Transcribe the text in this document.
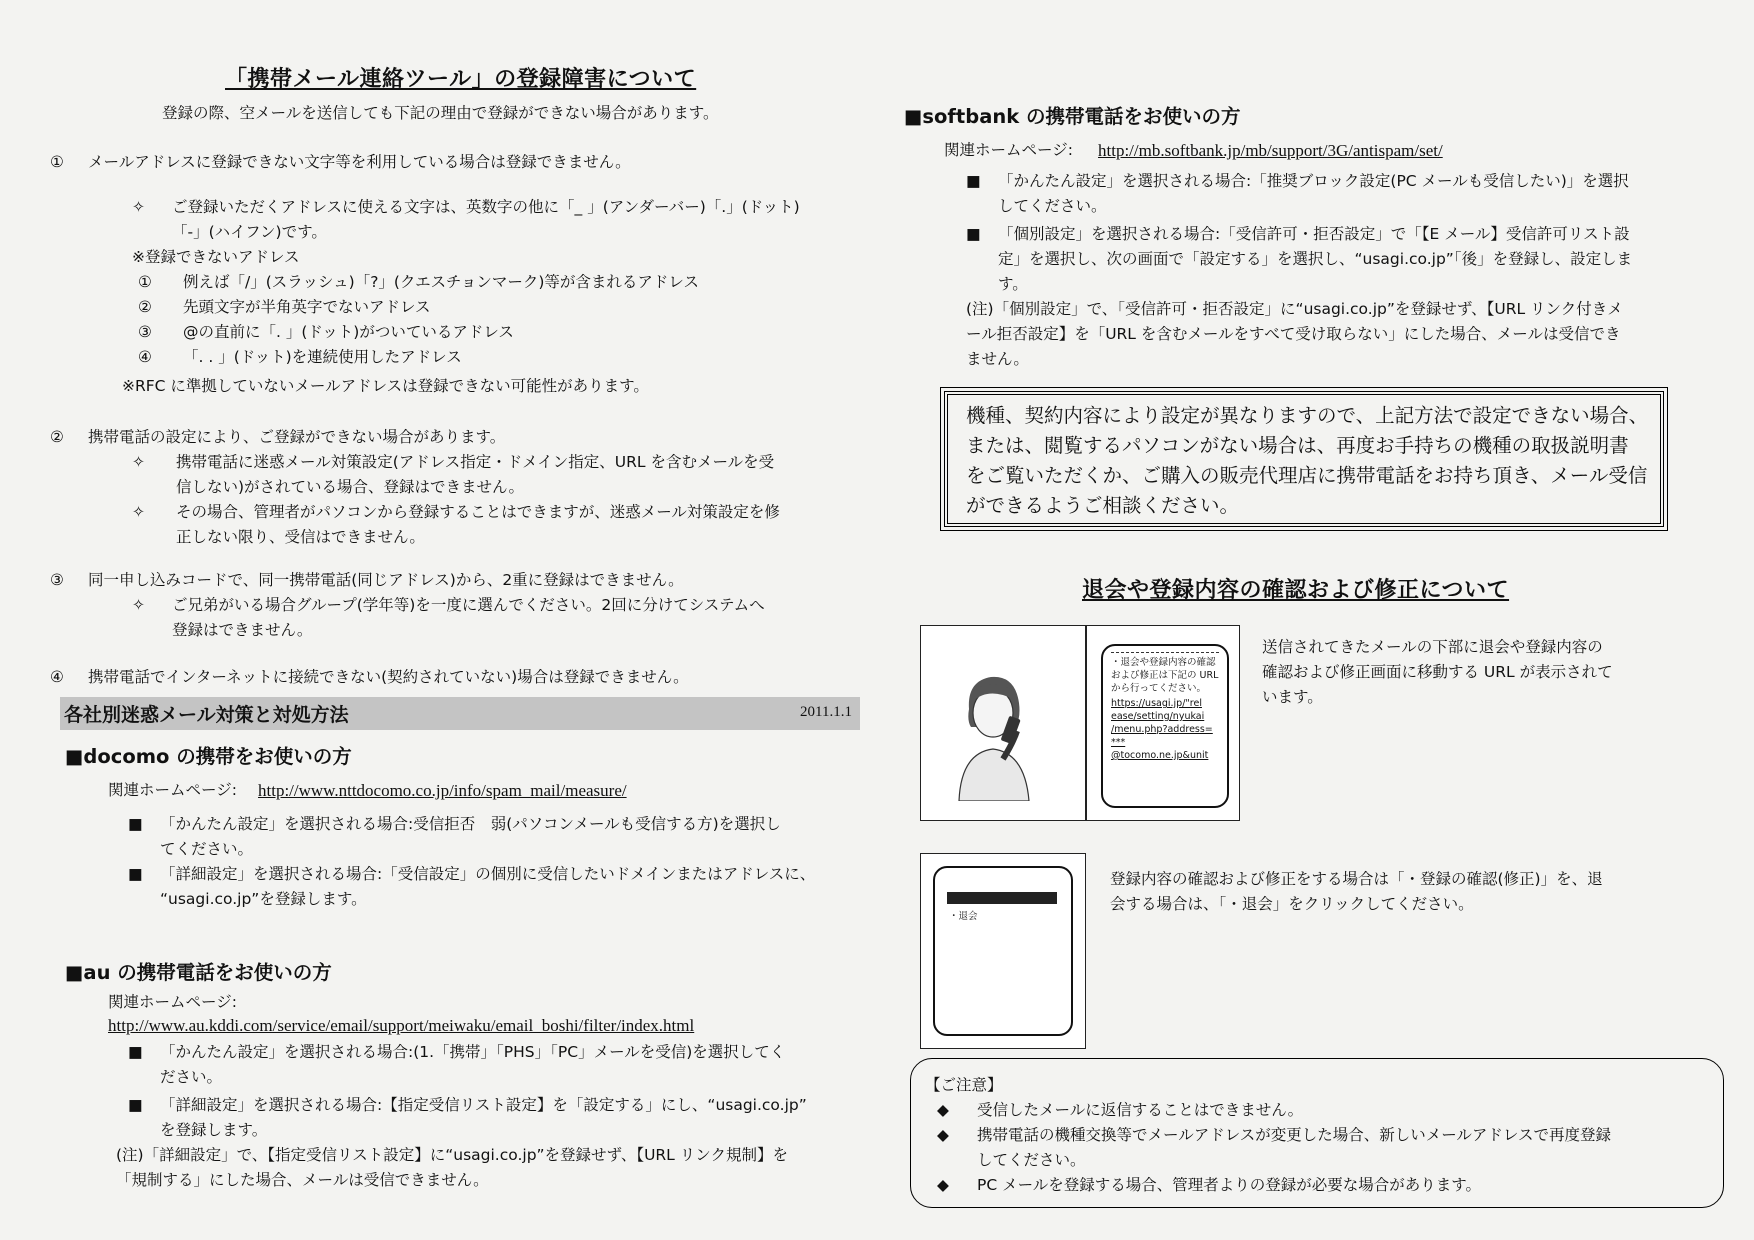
「携帯メール連絡ツール」の登録障害について
登録の際、空メールを送信しても下記の理由で登録ができない場合があります。
① メールアドレスに登録できない文字等を利用している場合は登録できません。
✧ ご登録いただくアドレスに使える文字は、英数字の他に「_ 」(アンダーバー)「.」(ドット)
「-」(ハイフン)です。
※登録できないアドレス
① 例えば「/」(スラッシュ)「?」(クエスチョンマーク)等が含まれるアドレス
② 先頭文字が半角英字でないアドレス
③ @の直前に「. 」(ドット)がついているアドレス
④ 「. . 」(ドット)を連続使用したアドレス
※RFC に準拠していないメールアドレスは登録できない可能性があります。
② 携帯電話の設定により、ご登録ができない場合があります。
✧ 携帯電話に迷惑メール対策設定(アドレス指定・ドメイン指定、URL を含むメールを受
信しない)がされている場合、登録はできません。
✧ その場合、管理者がパソコンから登録することはできますが、迷惑メール対策設定を修
正しない限り、受信はできません。
③ 同一申し込みコードで、同一携帯電話(同じアドレス)から、2重に登録はできません。
✧ ご兄弟がいる場合グループ(学年等)を一度に選んでください。2回に分けてシステムへ
登録はできません。
④ 携帯電話でインターネットに接続できない(契約されていない)場合は登録できません。
各社別迷惑メール対策と対処方法	2011.1.1
■docomo の携帯をお使いの方
関連ホームページ: http://www.nttdocomo.co.jp/info/spam_mail/measure/
■ 「かんたん設定」を選択される場合:受信拒否　弱(パソコンメールも受信する方)を選択し
てください。
■ 「詳細設定」を選択される場合:「受信設定」の個別に受信したいドメインまたはアドレスに、
“usagi.co.jp”を登録します。
■au の携帯電話をお使いの方
関連ホームページ:
http://www.au.kddi.com/service/email/support/meiwaku/email_boshi/filter/index.html
■ 「かんたん設定」を選択される場合:(1.「携帯」「PHS」「PC」メールを受信)を選択してく
ださい。
■ 「詳細設定」を選択される場合:【指定受信リスト設定】を「設定する」にし、“usagi.co.jp”
を登録します。
(注)「詳細設定」で、【指定受信リスト設定】に“usagi.co.jp”を登録せず、【URL リンク規制】を
「規制する」にした場合、メールは受信できません。
■softbank の携帯電話をお使いの方
関連ホームページ: http://mb.softbank.jp/mb/support/3G/antispam/set/
■ 「かんたん設定」を選択される場合:「推奨ブロック設定(PC メールも受信したい)」を選択
してください。
■ 「個別設定」を選択される場合:「受信許可・拒否設定」で「【E メール】受信許可リスト設
定」を選択し、次の画面で「設定する」を選択し、“usagi.co.jp”「後」を登録し、設定しま
す。
(注)「個別設定」で、「受信許可・拒否設定」に“usagi.co.jp”を登録せず、【URL リンク付きメ
ール拒否設定】を「URL を含むメールをすべて受け取らない」にした場合、メールは受信でき
ません。
機種、契約内容により設定が異なりますので、上記方法で設定できない場合、
または、閲覧するパソコンがない場合は、再度お手持ちの機種の取扱説明書
をご覧いただくか、ご購入の販売代理店に携帯電話をお持ち頂き、メール受信
ができるようご相談ください。
退会や登録内容の確認および修正について
・退会や登録内容の確認および修正は下記の URL から行ってください。
https://usagi.jp/"rel
ease/setting/nyukai
/menu.php?address=
***
@tocomo.ne.jp&unit
送信されてきたメールの下部に退会や登録内容の
確認および修正画面に移動する URL が表示されて
います。
・退会
登録内容の確認および修正をする場合は「・登録の確認(修正)」を、退
会する場合は、「・退会」をクリックしてください。
【ご注意】
◆ 受信したメールに返信することはできません。
◆ 携帯電話の機種交換等でメールアドレスが変更した場合、新しいメールアドレスで再度登録
してください。
◆ PC メールを登録する場合、管理者よりの登録が必要な場合があります。
